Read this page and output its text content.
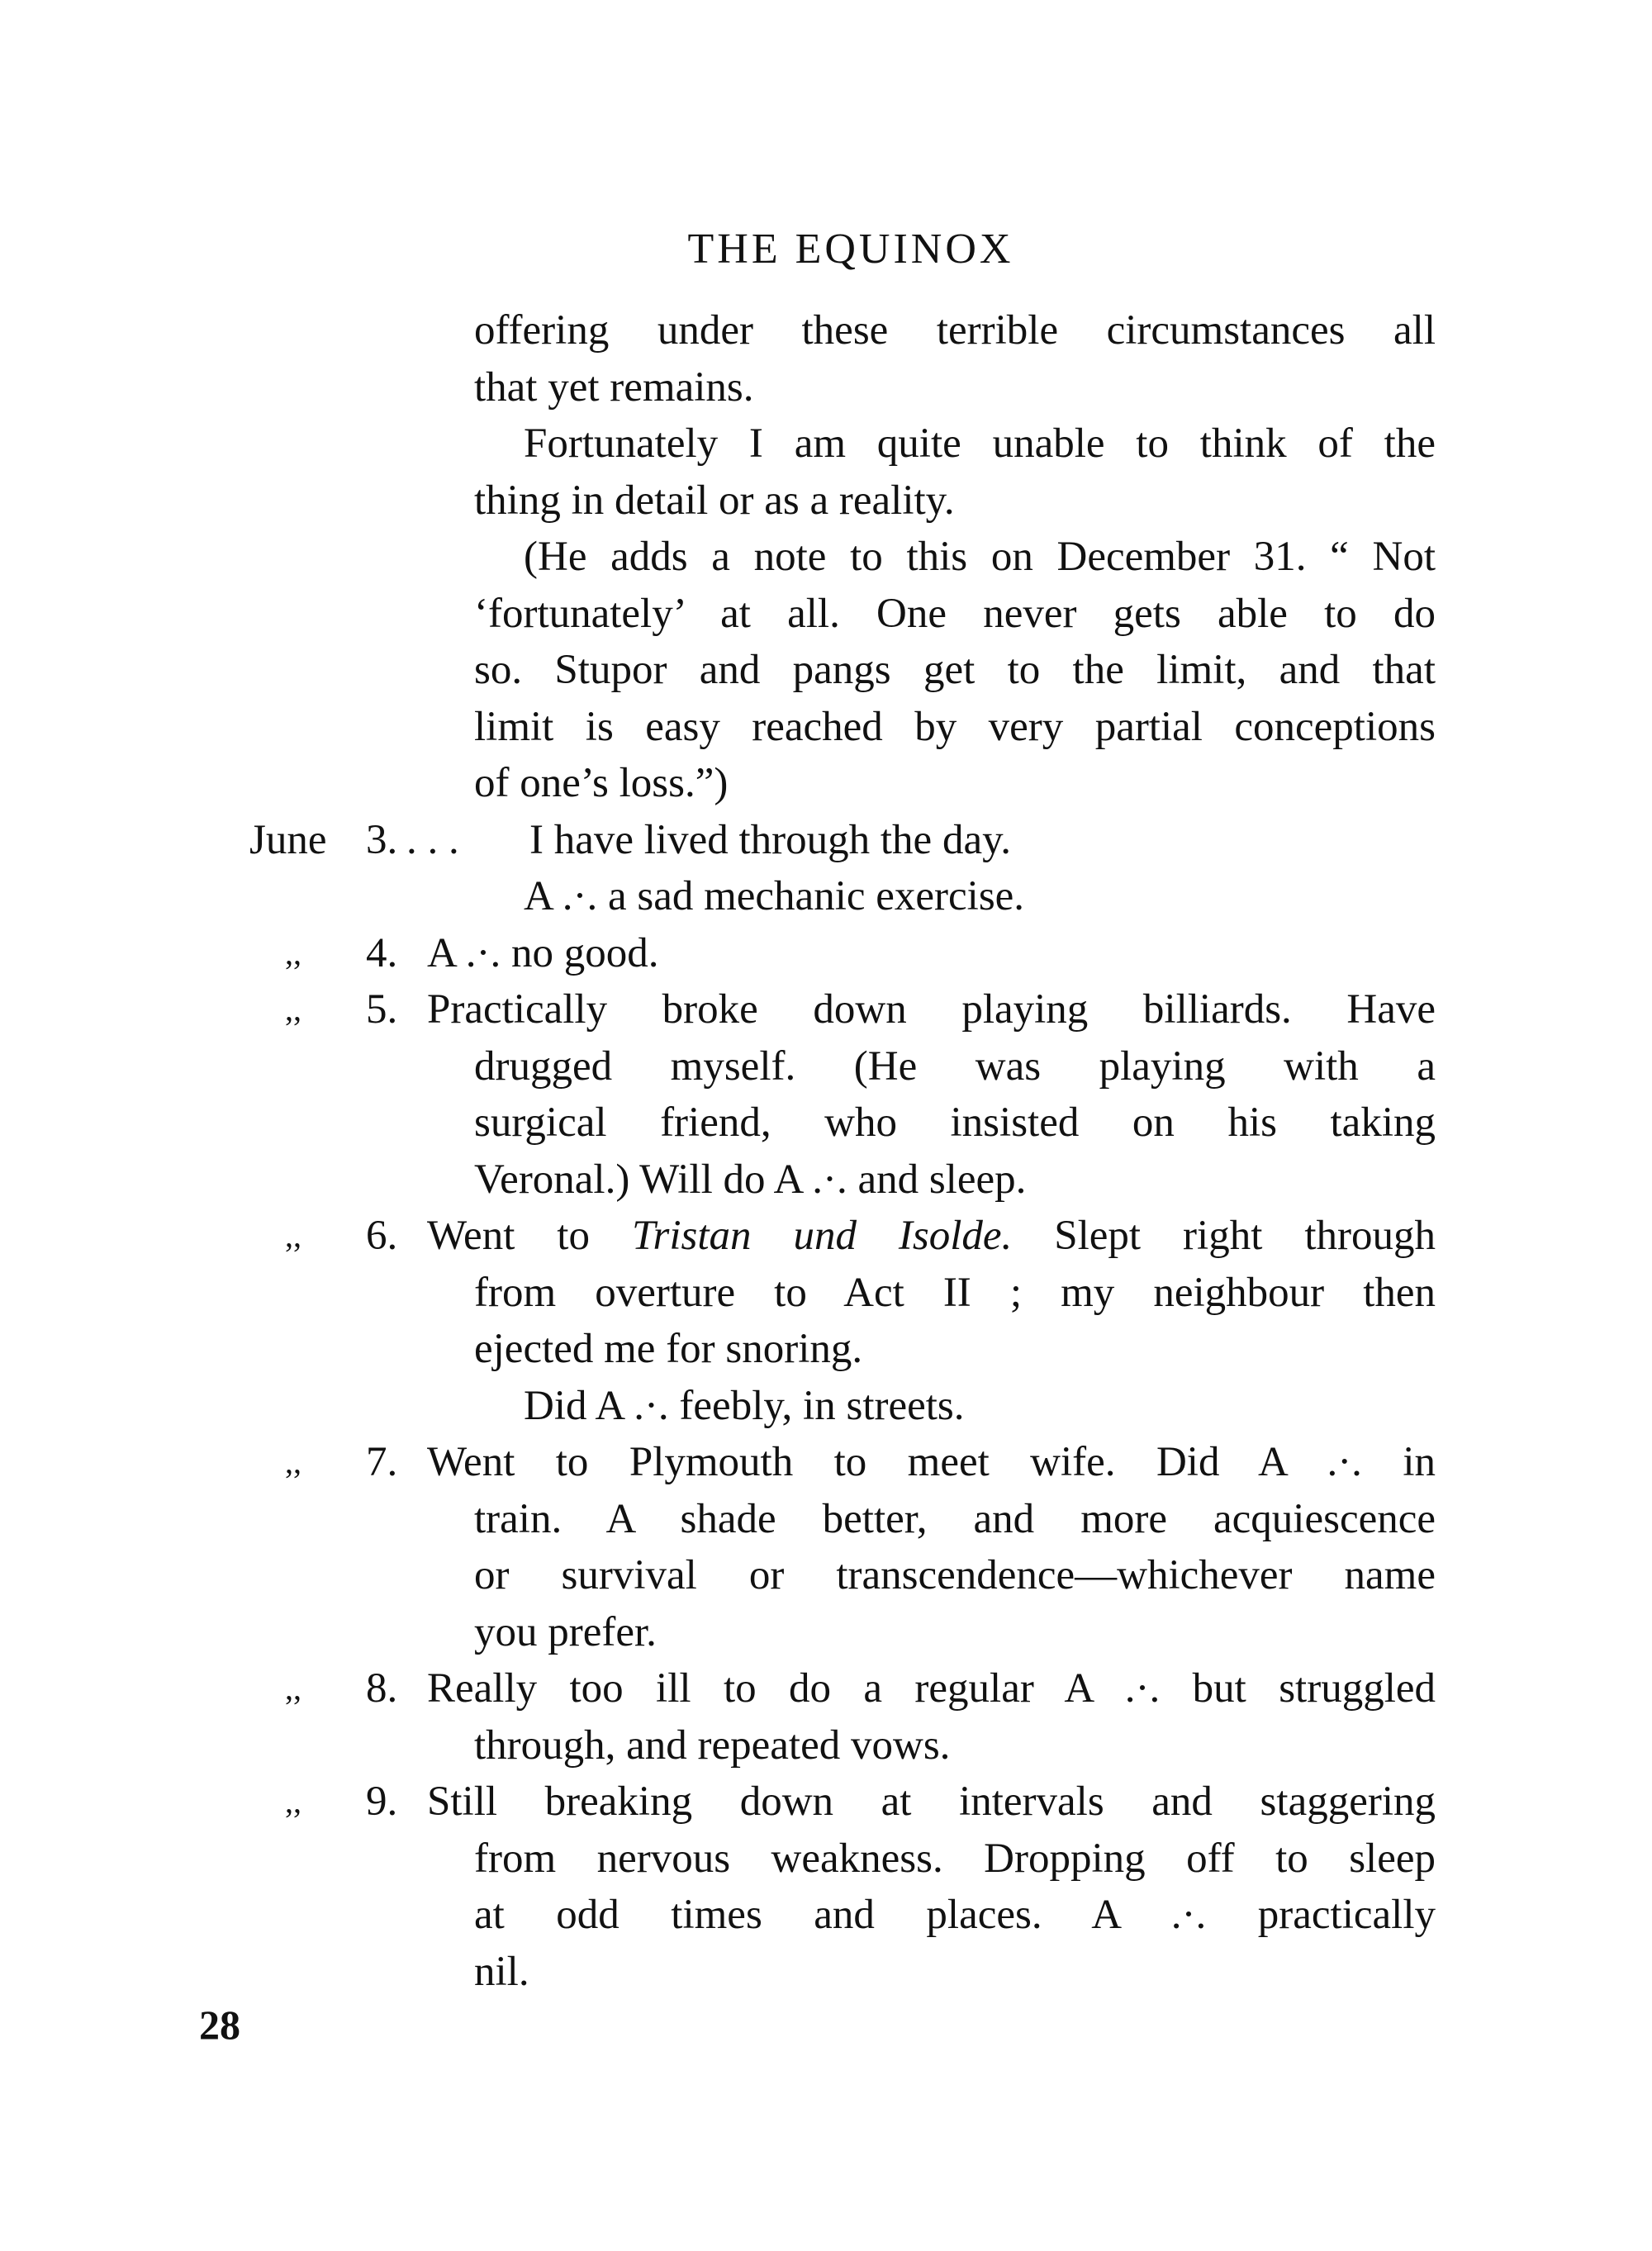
THE EQUINOX
offering under these terrible circumstances all
that yet remains.
Fortunately I am quite unable to think of the
thing in detail or as a reality.
(He adds a note to this on December 31. “ Not
‘fortunately’ at all. One never gets able to do
so. Stupor and pangs get to the limit, and that
limit is easy reached by very partial conceptions
of one’s loss.”)
June 3. . . . I have lived through the day.
A .·. a sad mechanic exercise.
,, 4. A .·. no good.
,, 5. Practically broke down playing billiards. Have
drugged myself. (He was playing with a
surgical friend, who insisted on his taking
Veronal.) Will do A .·. and sleep.
,, 6. Went to Tristan und Isolde. Slept right through
from overture to Act II ; my neighbour then
ejected me for snoring.
Did A .·. feebly, in streets.
,, 7. Went to Plymouth to meet wife. Did A .·. in
train. A shade better, and more acquiescence
or survival or transcendence—whichever name
you prefer.
,, 8. Really too ill to do a regular A .·. but struggled
through, and repeated vows.
,, 9. Still breaking down at intervals and staggering
from nervous weakness. Dropping off to sleep
at odd times and places. A .·. practically
nil.
28
